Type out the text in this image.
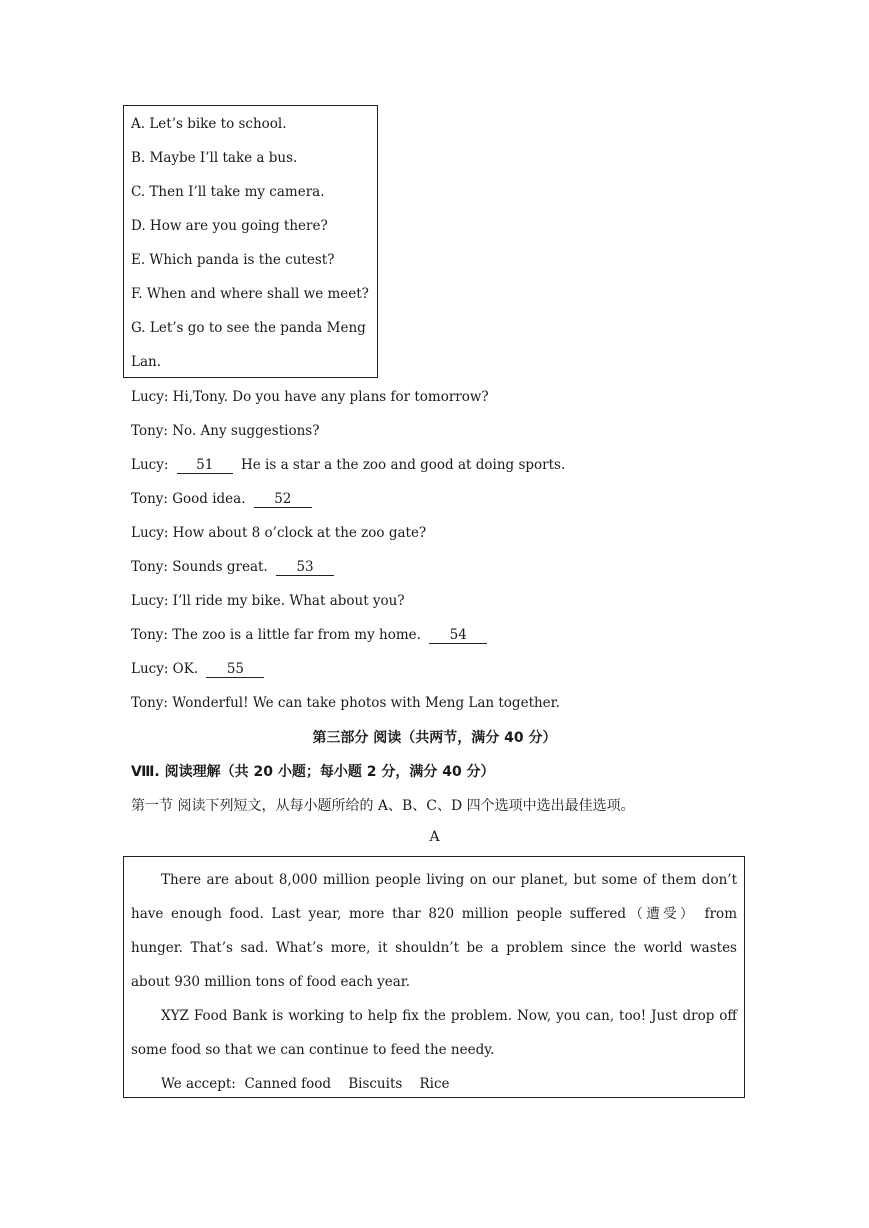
A. Let’s bike to school.
B. Maybe I’ll take a bus.
C. Then I’ll take my camera.
D. How are you going there?
E. Which panda is the cutest?
F. When and where shall we meet?
G. Let’s go to see the panda Meng
Lan.
Lucy: Hi,Tony. Do you have any plans for tomorrow?
Tony: No. Any suggestions?
Lucy: 51 He is a star a the zoo and good at doing sports.
Tony: Good idea. 52
Lucy: How about 8 o’clock at the zoo gate?
Tony: Sounds great. 53
Lucy: I’ll ride my bike. What about you?
Tony: The zoo is a little far from my home. 54
Lucy: OK. 55
Tony: Wonderful! We can take photos with Meng Lan together.
第三部分 阅读（共两节，满分 40 分）
Ⅷ. 阅读理解（共 20 小题；每小题 2 分，满分 40 分）
第一节 阅读下列短文，从每小题所给的 A、B、C、D 四个选项中选出最佳选项。
A

There are about 8,000 million people living on our planet, but some of them don’t have enough food. Last year, more thar 820 million people suffered（遭受） from hunger. That’s sad. What’s more, it shouldn’t be a problem since the world wastes about 930 million tons of food each year.

XYZ Food Bank is working to help fix the problem. Now, you can, too! Just drop off some food so that we can continue to feed the needy.

We accept: Canned food Biscuits Rice
